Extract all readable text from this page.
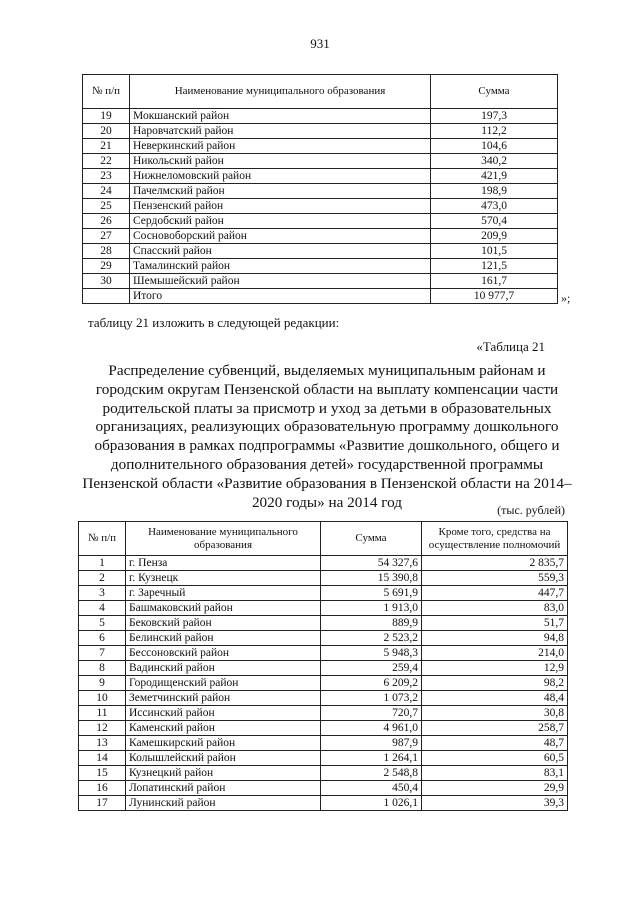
931
№ п/п	Наименование муниципального образования	Сумма
19	Мокшанский район	197,3
20	Наровчатский район	112,2
21	Неверкинский район	104,6
22	Никольский район	340,2
23	Нижнеломовский район	421,9
24	Пачелмский район	198,9
25	Пензенский район	473,0
26	Сердобский район	570,4
27	Сосновоборский район	209,9
28	Спасский район	101,5
29	Тамалинский район	121,5
30	Шемышейский район	161,7
	Итого	10 977,7	»;
таблицу 21 изложить в следующей редакции:
«Таблица 21
Распределение субвенций, выделяемых муниципальным районам и городским округам Пензенской области на выплату компенсации части родительской платы за присмотр и уход за детьми в образовательных организациях, реализующих образовательную программу дошкольного образования в рамках подпрограммы «Развитие дошкольного, общего и дополнительного образования детей» государственной программы Пензенской области «Развитие образования в Пензенской области на 2014–2020 годы» на 2014 год	(тыс. рублей)
№ п/п	Наименование муниципального образования	Сумма	Кроме того, средства на осуществление полномочий
1	г. Пенза	54 327,6	2 835,7
2	г. Кузнецк	15 390,8	559,3
3	г. Заречный	5 691,9	447,7
4	Башмаковский район	1 913,0	83,0
5	Бековский район	889,9	51,7
6	Белинский район	2 523,2	94,8
7	Бессоновский район	5 948,3	214,0
8	Вадинский район	259,4	12,9
9	Городищенский район	6 209,2	98,2
10	Земетчинский район	1 073,2	48,4
11	Иссинский район	720,7	30,8
12	Каменский район	4 961,0	258,7
13	Камешкирский район	987,9	48,7
14	Колышлейский район	1 264,1	60,5
15	Кузнецкий район	2 548,8	83,1
16	Лопатинский район	450,4	29,9
17	Лунинский район	1 026,1	39,3
